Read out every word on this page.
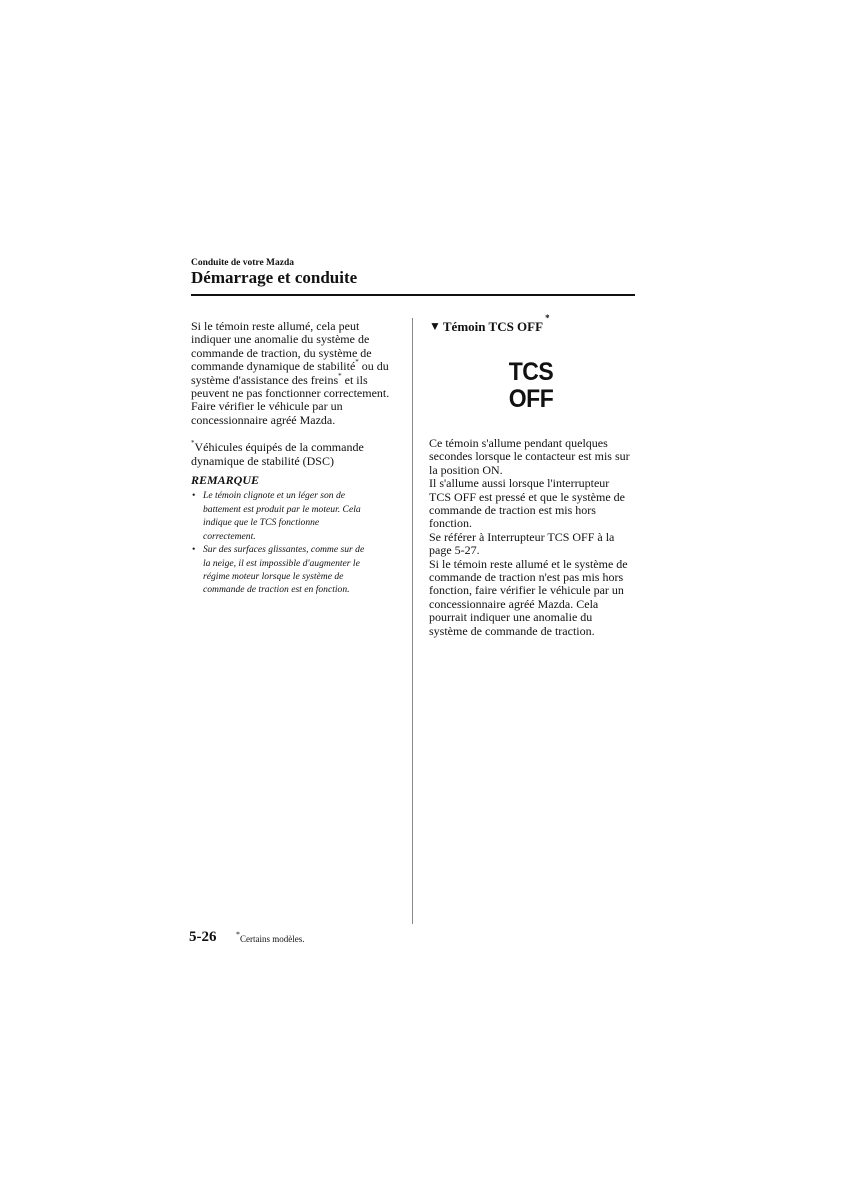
Conduite de votre Mazda
Démarrage et conduite
Si le témoin reste allumé, cela peut
indiquer une anomalie du système de
commande de traction, du système de
commande dynamique de stabilité* ou du
système d'assistance des freins* et ils
peuvent ne pas fonctionner correctement.
Faire vérifier le véhicule par un
concessionnaire agréé Mazda.
*Véhicules équipés de la commande
dynamique de stabilité (DSC)
REMARQUE
• Le témoin clignote et un léger son de
battement est produit par le moteur. Cela
indique que le TCS fonctionne
correctement.
• Sur des surfaces glissantes, comme sur de
la neige, il est impossible d'augmenter le
régime moteur lorsque le système de
commande de traction est en fonction.
▼ Témoin TCS OFF
*
TCS
OFF
Ce témoin s'allume pendant quelques
secondes lorsque le contacteur est mis sur
la position ON.
Il s'allume aussi lorsque l'interrupteur
TCS OFF est pressé et que le système de
commande de traction est mis hors
fonction.
Se référer à Interrupteur TCS OFF à la
page 5-27.
Si le témoin reste allumé et le système de
commande de traction n'est pas mis hors
fonction, faire vérifier le véhicule par un
concessionnaire agréé Mazda. Cela
pourrait indiquer une anomalie du
système de commande de traction.
5-26 *Certains modèles.
